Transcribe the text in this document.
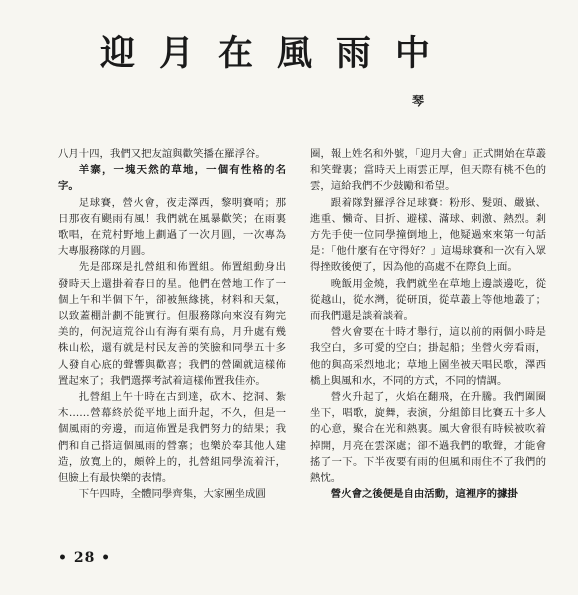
迎月在風雨中
琴

八月十四，我們又把友誼與歡笑播在羅浮谷。

羊寨，一塊天然的草地，一個有性格的名字。

足球賽，營火會，夜走澤西，黎明賽哨；那日那夜有颶雨有風！我們就在風暴歡笑；在雨裏歌唱，在荒村野地上劃過了一次月圓，一次專為大專服務隊的月圓。

先是邵琛是扎營組和佈置組。佈置組動身出發時天上還掛着春日的星。他們在營地工作了一個上午和半個下午，卻被無緣挑，材料和天氣，以致蓋棚計劃不能實行。但服務隊向來沒有夠完美的，何況這荒谷山有海有栗有鳥，月升處有幾株山松，還有就是村民友善的笑臉和同學五十多人發自心底的聲響與歡喜；我們的營圍就這樣佈置起來了；我們選擇考試着這樣佈置我佳亦。

扎營組上午十時在古到達，砍木、挖洞、紮木……營幕終於從平地上面升起，不久，但是一個風雨的旁邊，而這佈置是我們努力的結果；我們和自己搭這個風雨的營寨；也樂於奉其他人建造，放寬上的，頗幹上的，扎營組同學流着汗，但臉上有最快樂的表情。

下午四時，全體同學齊集，大家團坐成圓

圈，報上姓名和外號，「迎月大會」正式開始在草叢和笑聲裏；當時天上雨雲正厚，但天際有桃不色的雲，這給我們不少鼓勵和希望。

跟着隊對羅浮谷足球賽：粉形、髮頭、嚴嶽、進重、懶奇、目折、避樣、滿球、刺激、熱烈。剎方先手使一位同學撞倒地上，他疑過來來第一句話是：「他什麼有在守得好？」這場球賽和一次有入眾得挫敗後便了，因為他的高處不在際負上面。

晚飯用金燒，我們就坐在草地上邊談邊吃，從從越山，從水灣，從研頂，從草叢上等他地叢了；而我們還是談着談着。

營火會要在十時才舉行，這以前的兩個小時是我空白，多可愛的空白；掛起船；坐營火旁看雨，他的與高采烈地北；草地上園坐被天唱民歌，澤西橋上與風和水，不同的方式，不同的情調。

營火升起了，火焰在翻飛，在升騰。我們圍圈坐下，唱歌，旋舞，表演，分組節目比賽五十多人的心意，聚合在光和熱裏。風大會很有時候被吹着掉開，月亮在雲深處；卻不過我們的歌聲，才能會搖了一下。下半夜要有雨的但風和雨住不了我們的熱忱。

營火會之後便是自由活動，這裡序的據掛

• 28 •
